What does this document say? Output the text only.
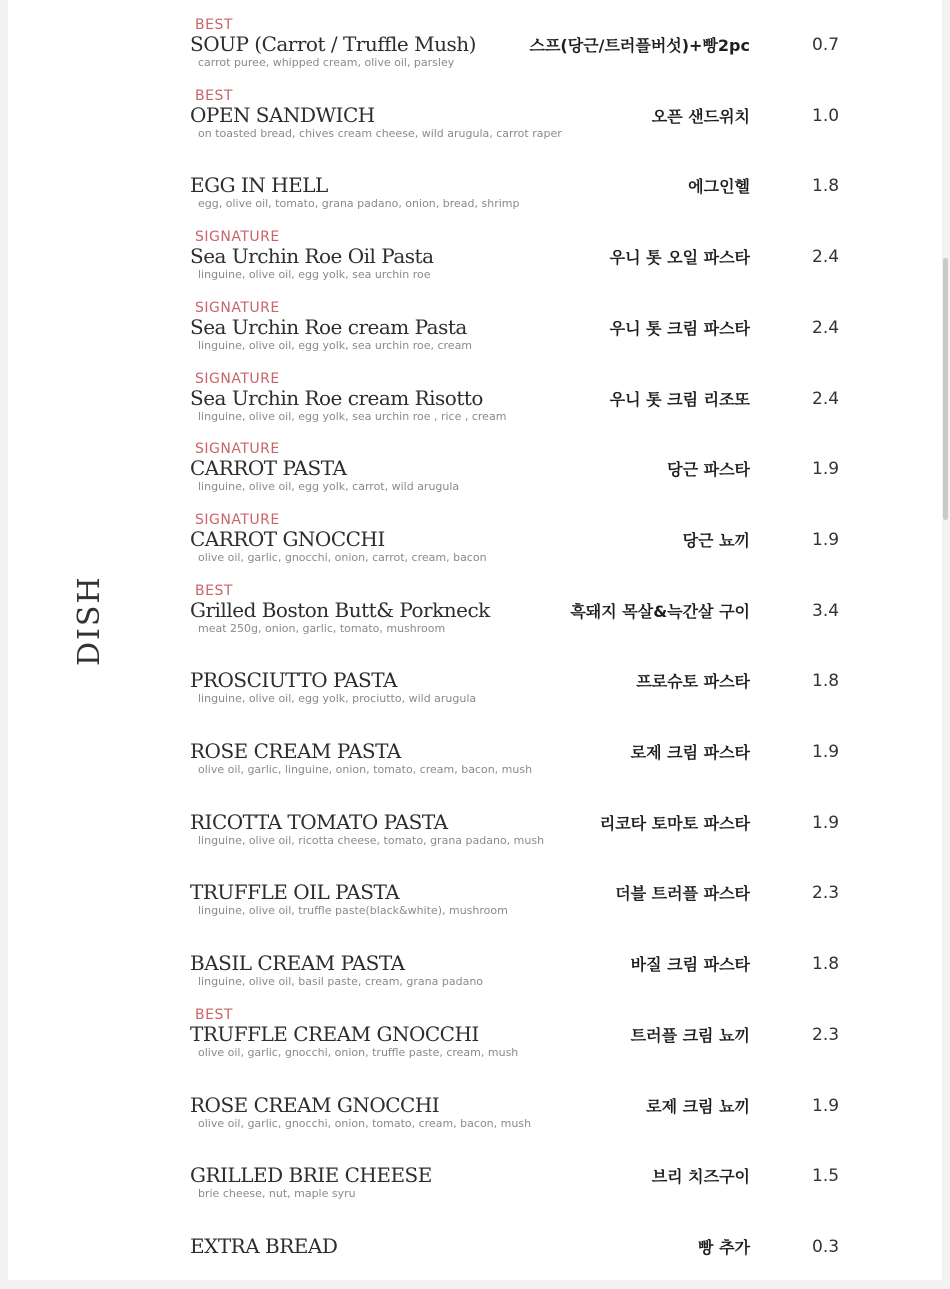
DISH
BEST
SOUP (Carrot / Truffle Mush)
carrot puree, whipped cream, olive oil, parsley
스프(당근/트러플버섯)+빵2pc	0.7
BEST
OPEN SANDWICH
on toasted bread, chives cream cheese, wild arugula, carrot raper
오픈 샌드위치	1.0
EGG IN HELL
egg, olive oil, tomato, grana padano, onion, bread, shrimp
에그인헬	1.8
SIGNATURE
Sea Urchin Roe Oil Pasta
linguine, olive oil, egg yolk, sea urchin roe
우니 톳 오일 파스타	2.4
SIGNATURE
Sea Urchin Roe cream Pasta
linguine, olive oil, egg yolk, sea urchin roe, cream
우니 톳 크림 파스타	2.4
SIGNATURE
Sea Urchin Roe cream Risotto
linguine, olive oil, egg yolk, sea urchin roe , rice , cream
우니 톳 크림 리조또	2.4
SIGNATURE
CARROT PASTA
linguine, olive oil, egg yolk, carrot, wild arugula
당근 파스타	1.9
SIGNATURE
CARROT GNOCCHI
olive oil, garlic, gnocchi, onion, carrot, cream, bacon
당근 뇨끼	1.9
BEST
Grilled Boston Butt& Porkneck
meat 250g, onion, garlic, tomato, mushroom
흑돼지 목살&늑간살 구이	3.4
PROSCIUTTO PASTA
linguine, olive oil, egg yolk, prociutto, wild arugula
프로슈토 파스타	1.8
ROSE CREAM PASTA
olive oil, garlic, linguine, onion, tomato, cream, bacon, mush
로제 크림 파스타	1.9
RICOTTA TOMATO PASTA
linguine, olive oil, ricotta cheese, tomato, grana padano, mush
리코타 토마토 파스타	1.9
TRUFFLE OIL PASTA
linguine, olive oil, truffle paste(black&white), mushroom
더블 트러플 파스타	2.3
BASIL CREAM PASTA
linguine, olive oil, basil paste, cream, grana padano
바질 크림 파스타	1.8
BEST
TRUFFLE CREAM GNOCCHI
olive oil, garlic, gnocchi, onion, truffle paste, cream, mush
트러플 크림 뇨끼	2.3
ROSE CREAM GNOCCHI
olive oil, garlic, gnocchi, onion, tomato, cream, bacon, mush
로제 크림 뇨끼	1.9
GRILLED BRIE CHEESE
brie cheese, nut, maple syru
브리 치즈구이	1.5
EXTRA BREAD	빵 추가	0.3
